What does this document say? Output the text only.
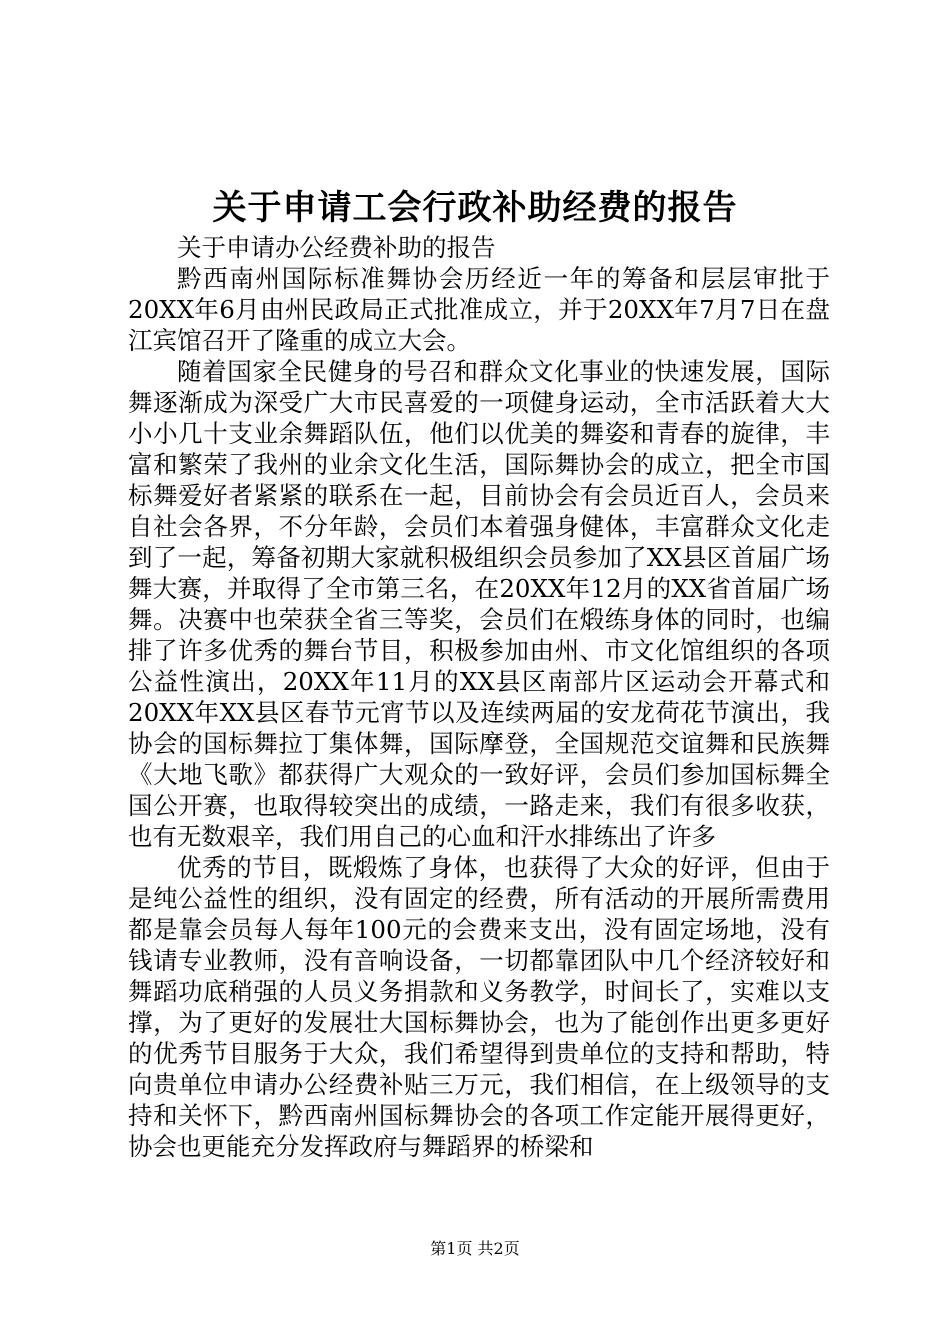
关于申请工会行政补助经费的报告

关于申请办公经费补助的报告

黔西南州国际标准舞协会历经近一年的筹备和层层审批于20XX年6月由州民政局正式批准成立，并于20XX年7月7日在盘江宾馆召开了隆重的成立大会。

随着国家全民健身的号召和群众文化事业的快速发展，国际舞逐渐成为深受广大市民喜爱的一项健身运动，全市活跃着大大小小几十支业余舞蹈队伍，他们以优美的舞姿和青春的旋律，丰富和繁荣了我州的业余文化生活，国际舞协会的成立，把全市国标舞爱好者紧紧的联系在一起，目前协会有会员近百人，会员来自社会各界，不分年龄，会员们本着强身健体，丰富群众文化走到了一起，筹备初期大家就积极组织会员参加了XX县区首届广场舞大赛，并取得了全市第三名，在20XX年12月的XX省首届广场舞。决赛中也荣获全省三等奖，会员们在煅练身体的同时，也编排了许多优秀的舞台节目，积极参加由州、市文化馆组织的各项公益性演出，20XX年11月的XX县区南部片区运动会开幕式和20XX年XX县区春节元宵节以及连续两届的安龙荷花节演出，我协会的国标舞拉丁集体舞，国际摩登，全国规范交谊舞和民族舞《大地飞歌》都获得广大观众的一致好评，会员们参加国标舞全国公开赛，也取得较突出的成绩，一路走来，我们有很多收获，也有无数艰辛，我们用自己的心血和汗水排练出了许多

优秀的节目，既煅炼了身体，也获得了大众的好评，但由于是纯公益性的组织，没有固定的经费，所有活动的开展所需费用都是靠会员每人每年100元的会费来支出，没有固定场地，没有钱请专业教师，没有音响设备，一切都靠团队中几个经济较好和舞蹈功底稍强的人员义务捐款和义务教学，时间长了，实难以支撑，为了更好的发展壮大国标舞协会，也为了能创作出更多更好的优秀节目服务于大众，我们希望得到贵单位的支持和帮助，特向贵单位申请办公经费补贴三万元，我们相信，在上级领导的支持和关怀下，黔西南州国标舞协会的各项工作定能开展得更好，协会也更能充分发挥政府与舞蹈界的桥梁和

第1页 共2页
